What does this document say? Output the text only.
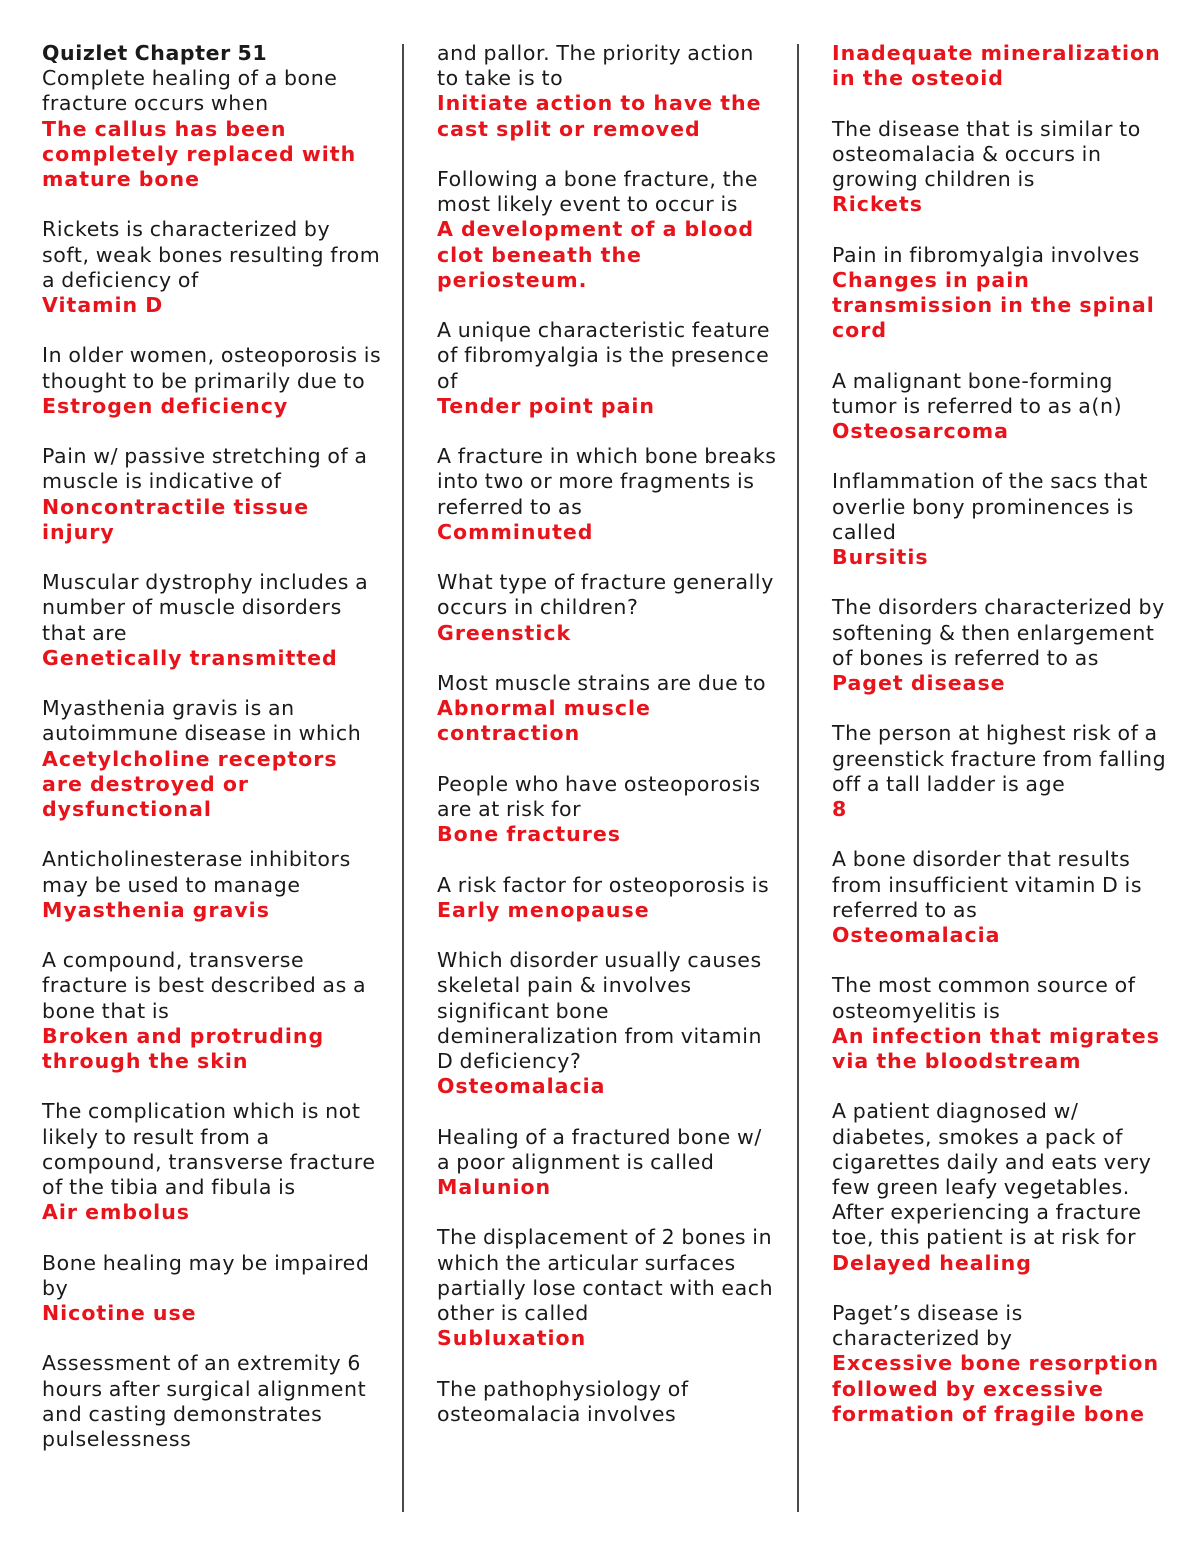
Quizlet Chapter 51
Complete healing of a bone fracture occurs when
The callus has been completely replaced with mature bone
Rickets is characterized by soft, weak bones resulting from a deficiency of
Vitamin D
In older women, osteoporosis is thought to be primarily due to
Estrogen deficiency
Pain w/ passive stretching of a muscle is indicative of
Noncontractile tissue injury
Muscular dystrophy includes a number of muscle disorders that are
Genetically transmitted
Myasthenia gravis is an autoimmune disease in which
Acetylcholine receptors are destroyed or dysfunctional
Anticholinesterase inhibitors may be used to manage
Myasthenia gravis
A compound, transverse fracture is best described as a bone that is
Broken and protruding through the skin
The complication which is not likely to result from a compound, transverse fracture of the tibia and fibula is
Air embolus
Bone healing may be impaired by
Nicotine use
Assessment of an extremity 6 hours after surgical alignment and casting demonstrates pulselessness
and pallor. The priority action to take is to
Initiate action to have the cast split or removed
Following a bone fracture, the most likely event to occur is
A development of a blood clot beneath the periosteum.
A unique characteristic feature of fibromyalgia is the presence of
Tender point pain
A fracture in which bone breaks into two or more fragments is referred to as
Comminuted
What type of fracture generally occurs in children?
Greenstick
Most muscle strains are due to
Abnormal muscle contraction
People who have osteoporosis are at risk for
Bone fractures
A risk factor for osteoporosis is
Early menopause
Which disorder usually causes skeletal pain & involves significant bone demineralization from vitamin D deficiency?
Osteomalacia
Healing of a fractured bone w/ a poor alignment is called
Malunion
The displacement of 2 bones in which the articular surfaces partially lose contact with each other is called
Subluxation
The pathophysiology of osteomalacia involves
Inadequate mineralization in the osteoid
The disease that is similar to osteomalacia & occurs in growing children is
Rickets
Pain in fibromyalgia involves
Changes in pain transmission in the spinal cord
A malignant bone-forming tumor is referred to as a(n)
Osteosarcoma
Inflammation of the sacs that overlie bony prominences is called
Bursitis
The disorders characterized by softening & then enlargement of bones is referred to as
Paget disease
The person at highest risk of a greenstick fracture from falling off a tall ladder is age
8
A bone disorder that results from insufficient vitamin D is referred to as
Osteomalacia
The most common source of osteomyelitis is
An infection that migrates via the bloodstream
A patient diagnosed w/ diabetes, smokes a pack of cigarettes daily and eats very few green leafy vegetables. After experiencing a fracture toe, this patient is at risk for
Delayed healing
Paget’s disease is characterized by
Excessive bone resorption followed by excessive formation of fragile bone
